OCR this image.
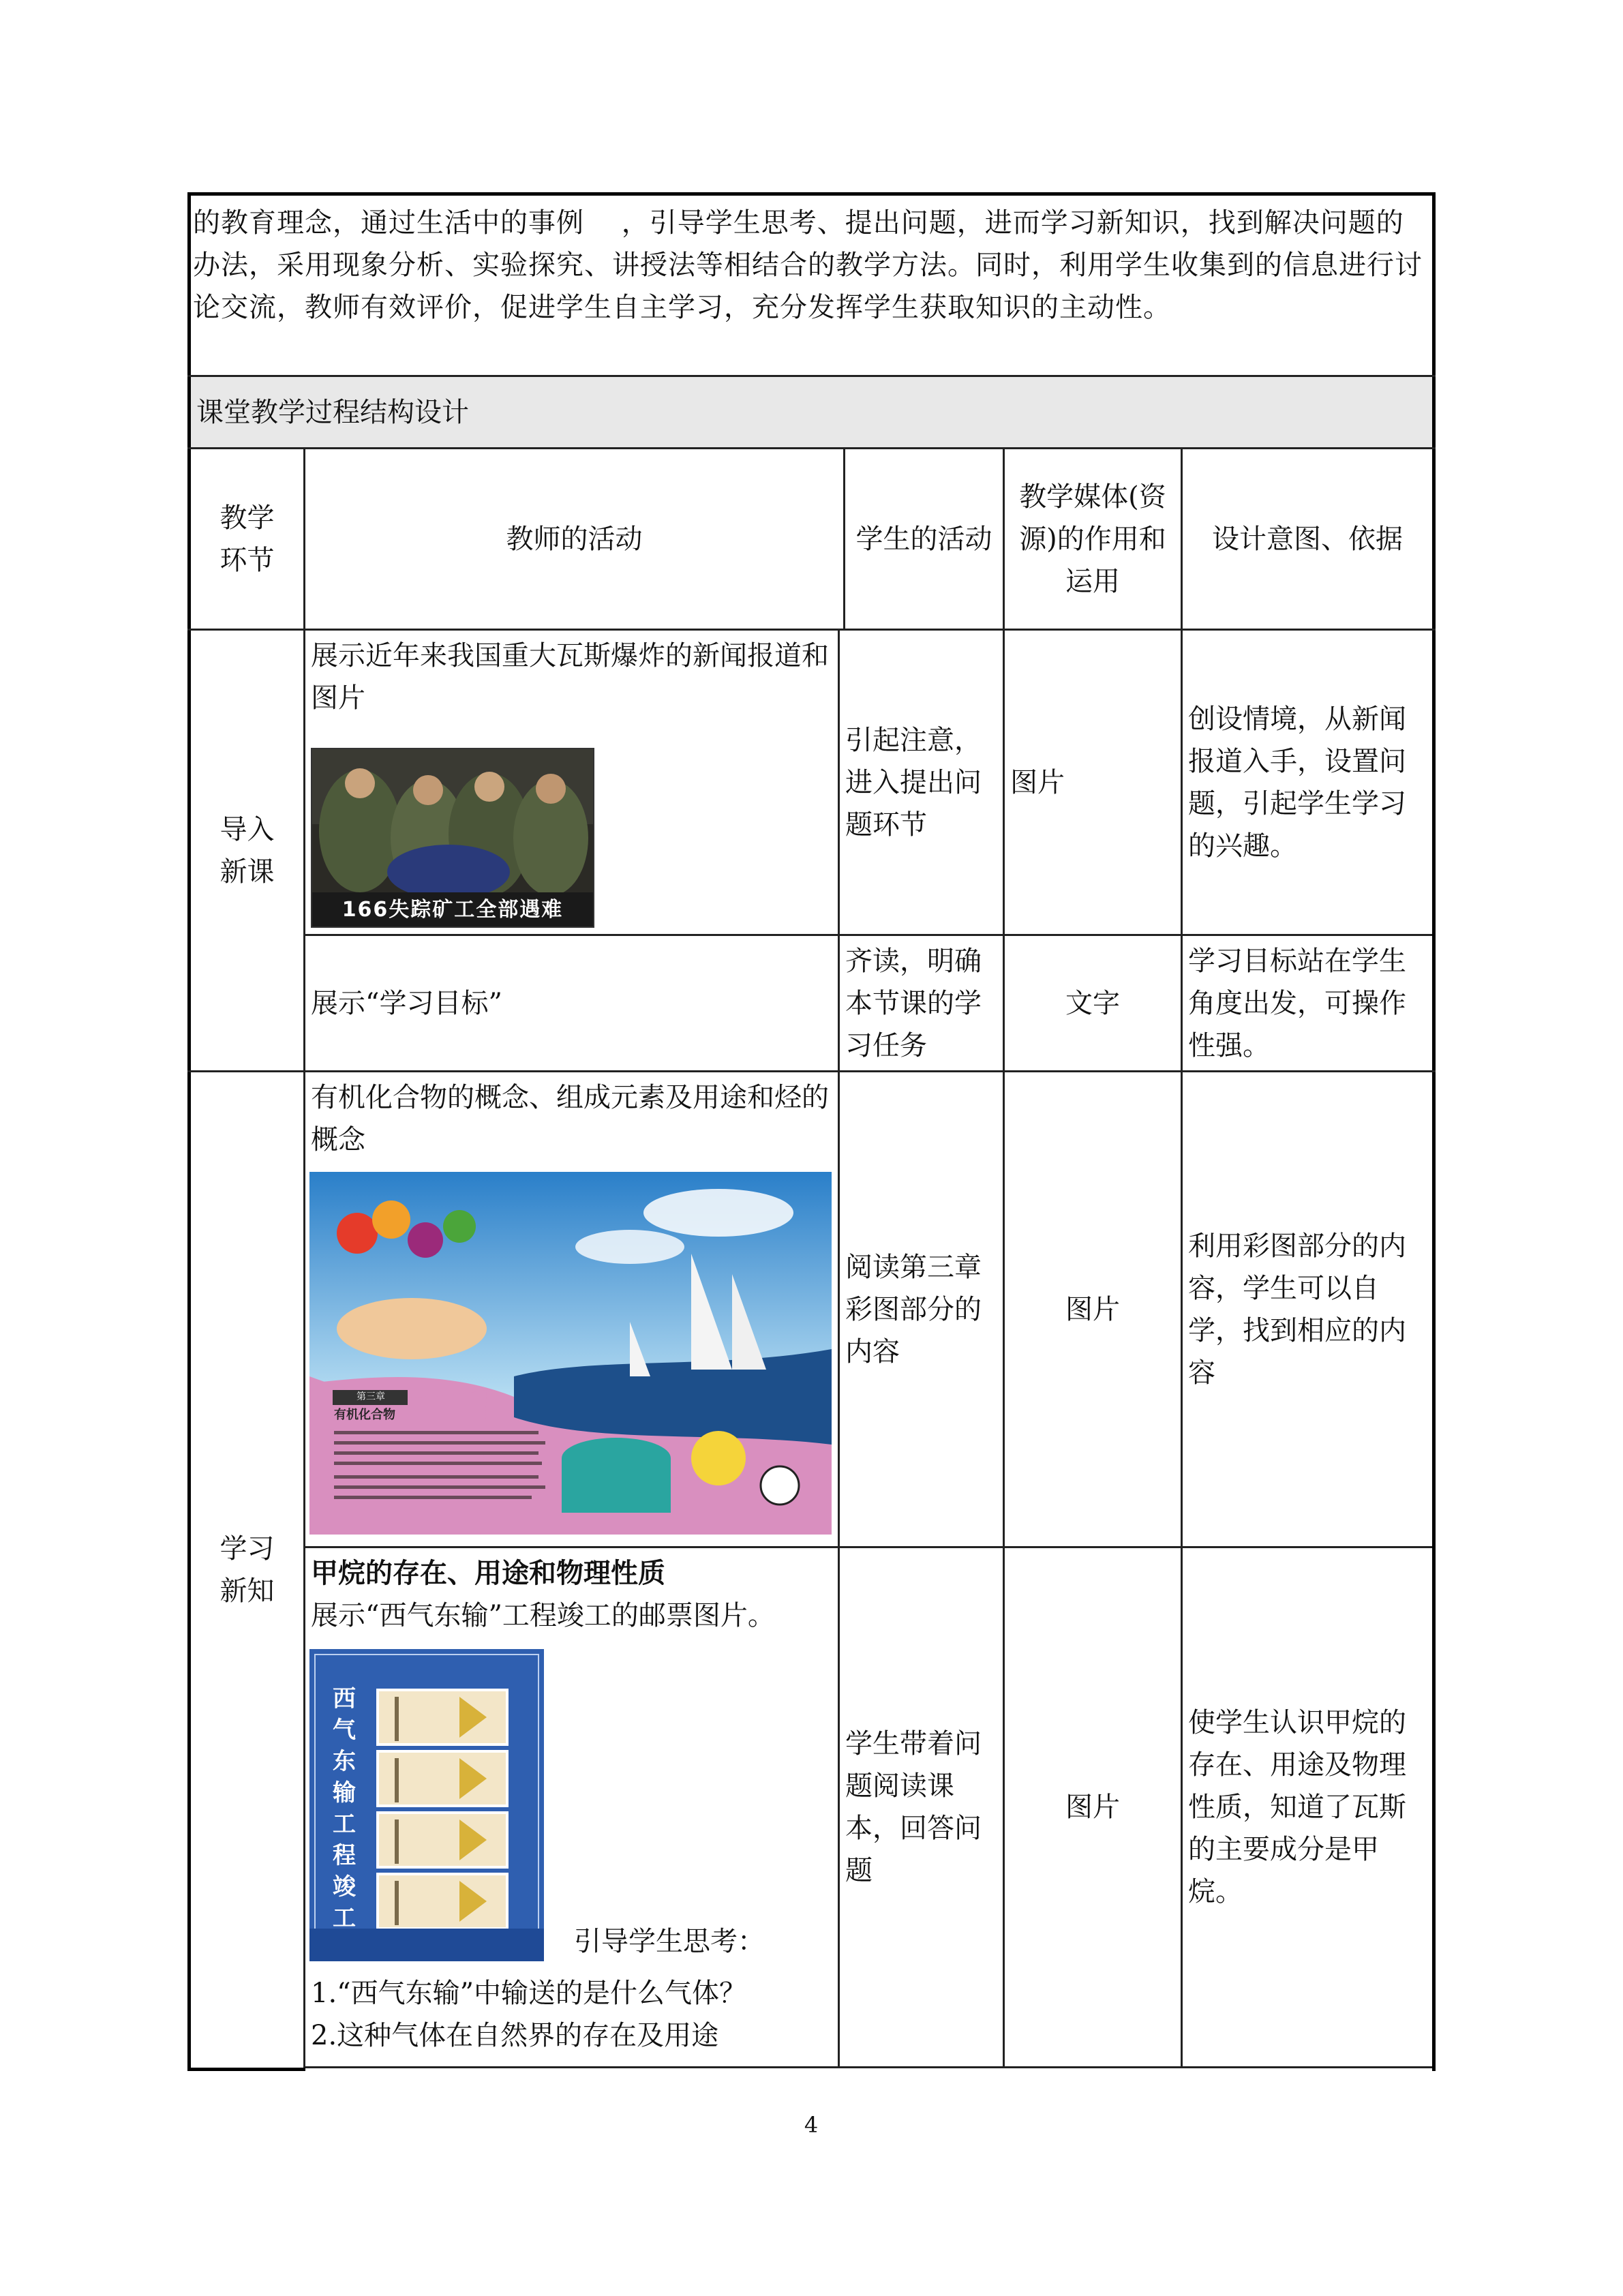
的教育理念，通过生活中的事例　 ，引导学生思考、提出问题，进而学习新知识，找到解决问题的办法，采用现象分析、实验探究、讲授法等相结合的教学方法。同时，利用学生收集到的信息进行讨论交流，教师有效评价，促进学生自主学习，充分发挥学生获取知识的主动性。
课堂教学过程结构设计
教学环节
教师的活动	学生的活动
教学媒体(资源)的作用和运用
设计意图、依据
导入新课
展示近年来我国重大瓦斯爆炸的新闻报道和图片
166失踪矿工全部遇难
引起注意，进入提出问题环节
图片
创设情境，从新闻报道入手，设置问题，引起学生学习的兴趣。
展示“学习目标”
齐读，明确本节课的学习任务
文字
学习目标站在学生角度出发，可操作性强。
学习新知
有机化合物的概念、组成元素及用途和烃的概念
第三章
有机化合物
阅读第三章彩图部分的内容
图片
利用彩图部分的内容，学生可以自学，找到相应的内容
甲烷的存在、用途和物理性质
展示“西气东输”工程竣工的邮票图片。
西气东输工程竣工
引导学生思考：
1.“西气东输”中输送的是什么气体？
2.这种气体在自然界的存在及用途
学生带着问题阅读课本，回答问题
图片
使学生认识甲烷的存在、用途及物理性质，知道了瓦斯的主要成分是甲烷。
4
